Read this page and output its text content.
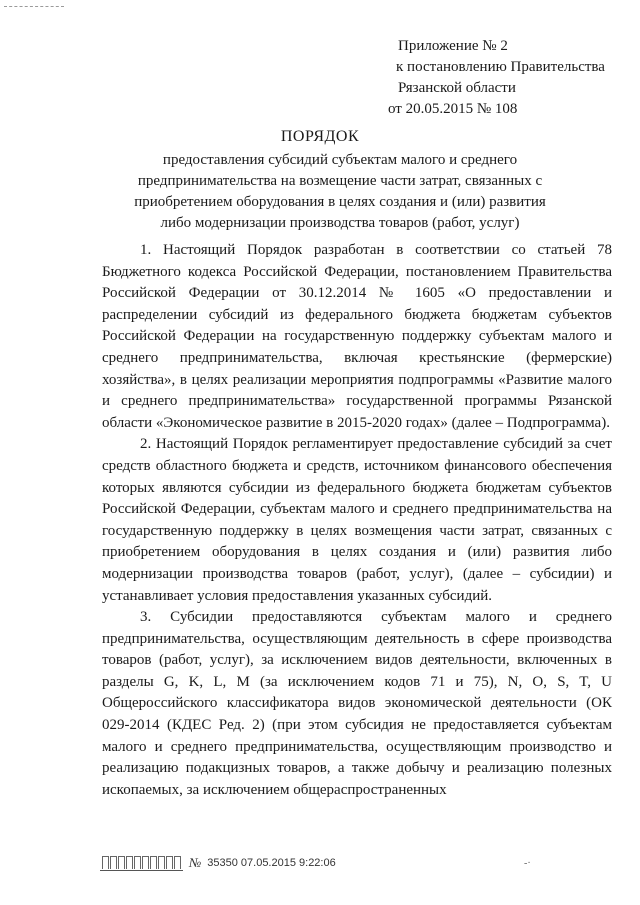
Приложение № 2
к постановлению Правительства
Рязанской области
от 20.05.2015 № 108
ПОРЯДОК
предоставления субсидий субъектам малого и среднего предпринимательства на возмещение части затрат, связанных с приобретением оборудования в целях создания и (или) развития либо модернизации производства товаров (работ, услуг)

1. Настоящий Порядок разработан в соответствии со статьей 78 Бюджетного кодекса Российской Федерации, постановлением Правительства Российской Федерации от 30.12.2014 № 1605 «О предоставлении и распределении субсидий из федерального бюджета бюджетам субъектов Российской Федерации на государственную поддержку субъектам малого и среднего предпринимательства, включая крестьянские (фермерские) хозяйства», в целях реализации мероприятия подпрограммы «Развитие малого и среднего предпринимательства» государственной программы Рязанской области «Экономическое развитие в 2015-2020 годах» (далее – Подпрограмма).

2. Настоящий Порядок регламентирует предоставление субсидий за счет средств областного бюджета и средств, источником финансового обеспечения которых являются субсидии из федерального бюджета бюджетам субъектов Российской Федерации, субъектам малого и среднего предпринимательства на государственную поддержку в целях возмещения части затрат, связанных с приобретением оборудования в целях создания и (или) развития либо модернизации производства товаров (работ, услуг), (далее – субсидии) и устанавливает условия предоставления указанных субсидий.

3. Субсидии предоставляются субъектам малого и среднего предпринимательства, осуществляющим деятельность в сфере производства товаров (работ, услуг), за исключением видов деятельности, включенных в разделы G, K, L, M (за исключением кодов 71 и 75), N, O, S, T, U Общероссийского классификатора видов экономической деятельности (ОК 029-2014 (КДЕС Ред. 2) (при этом субсидия не предоставляется субъектам малого и среднего предпринимательства, осуществляющим производство и реализацию подакцизных товаров, а также добычу и реализацию полезных ископаемых, за исключением общераспространенных

№ 35350 07.05.2015 9:22:06	-·
